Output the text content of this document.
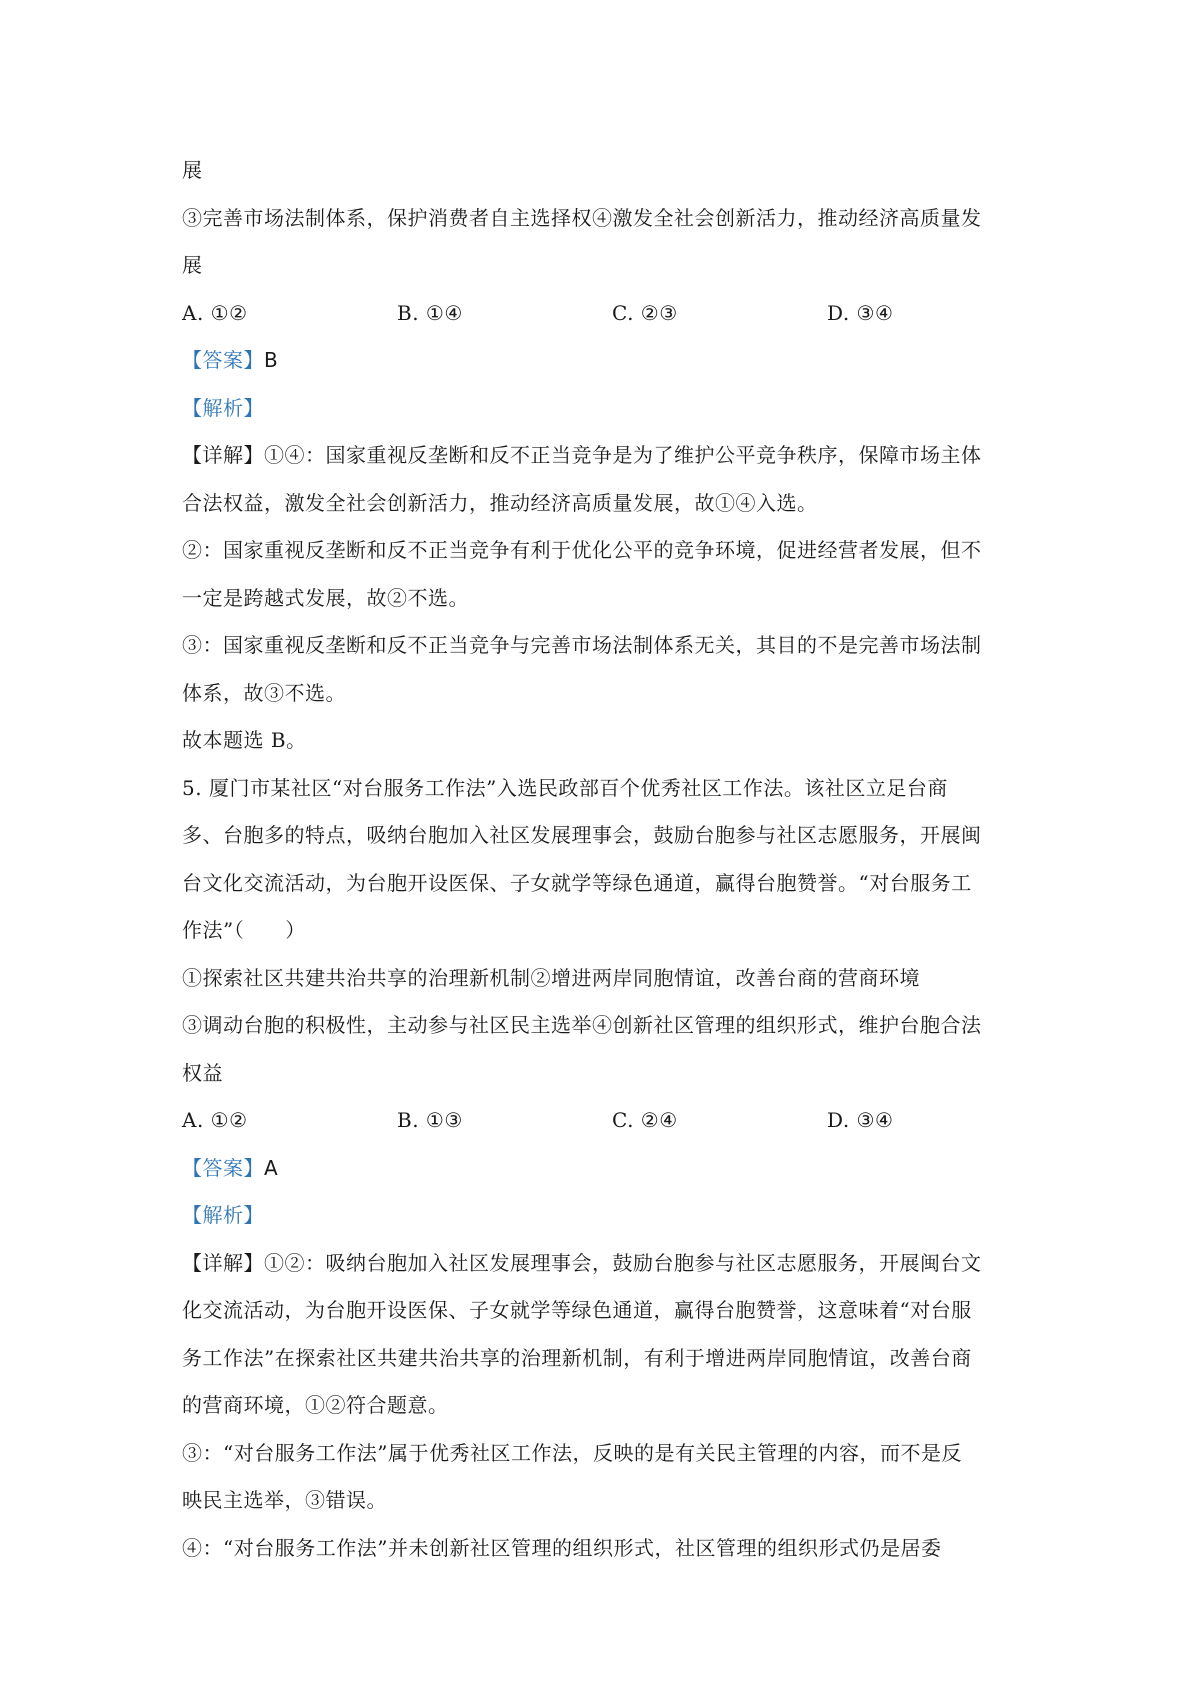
展
③完善市场法制体系，保护消费者自主选择权④激发全社会创新活力，推动经济高质量发
展
A. ①②	B. ①④	C. ②③	D. ③④
【答案】B
【解析】
【详解】①④：国家重视反垄断和反不正当竞争是为了维护公平竞争秩序，保障市场主体
合法权益，激发全社会创新活力，推动经济高质量发展，故①④入选。
②：国家重视反垄断和反不正当竞争有利于优化公平的竞争环境，促进经营者发展，但不
一定是跨越式发展，故②不选。
③：国家重视反垄断和反不正当竞争与完善市场法制体系无关，其目的不是完善市场法制
体系，故③不选。
故本题选 B。
5. 厦门市某社区“对台服务工作法”入选民政部百个优秀社区工作法。该社区立足台商
多、台胞多的特点，吸纳台胞加入社区发展理事会，鼓励台胞参与社区志愿服务，开展闽
台文化交流活动，为台胞开设医保、子女就学等绿色通道，赢得台胞赞誉。“对台服务工
作法”（　　）
①探索社区共建共治共享的治理新机制②增进两岸同胞情谊，改善台商的营商环境
③调动台胞的积极性，主动参与社区民主选举④创新社区管理的组织形式，维护台胞合法
权益
A. ①②	B. ①③	C. ②④	D. ③④
【答案】A
【解析】
【详解】①②：吸纳台胞加入社区发展理事会，鼓励台胞参与社区志愿服务，开展闽台文
化交流活动，为台胞开设医保、子女就学等绿色通道，赢得台胞赞誉，这意味着“对台服
务工作法”在探索社区共建共治共享的治理新机制，有利于增进两岸同胞情谊，改善台商
的营商环境，①②符合题意。
③：“对台服务工作法”属于优秀社区工作法，反映的是有关民主管理的内容，而不是反
映民主选举，③错误。
④：“对台服务工作法”并未创新社区管理的组织形式，社区管理的组织形式仍是居委
